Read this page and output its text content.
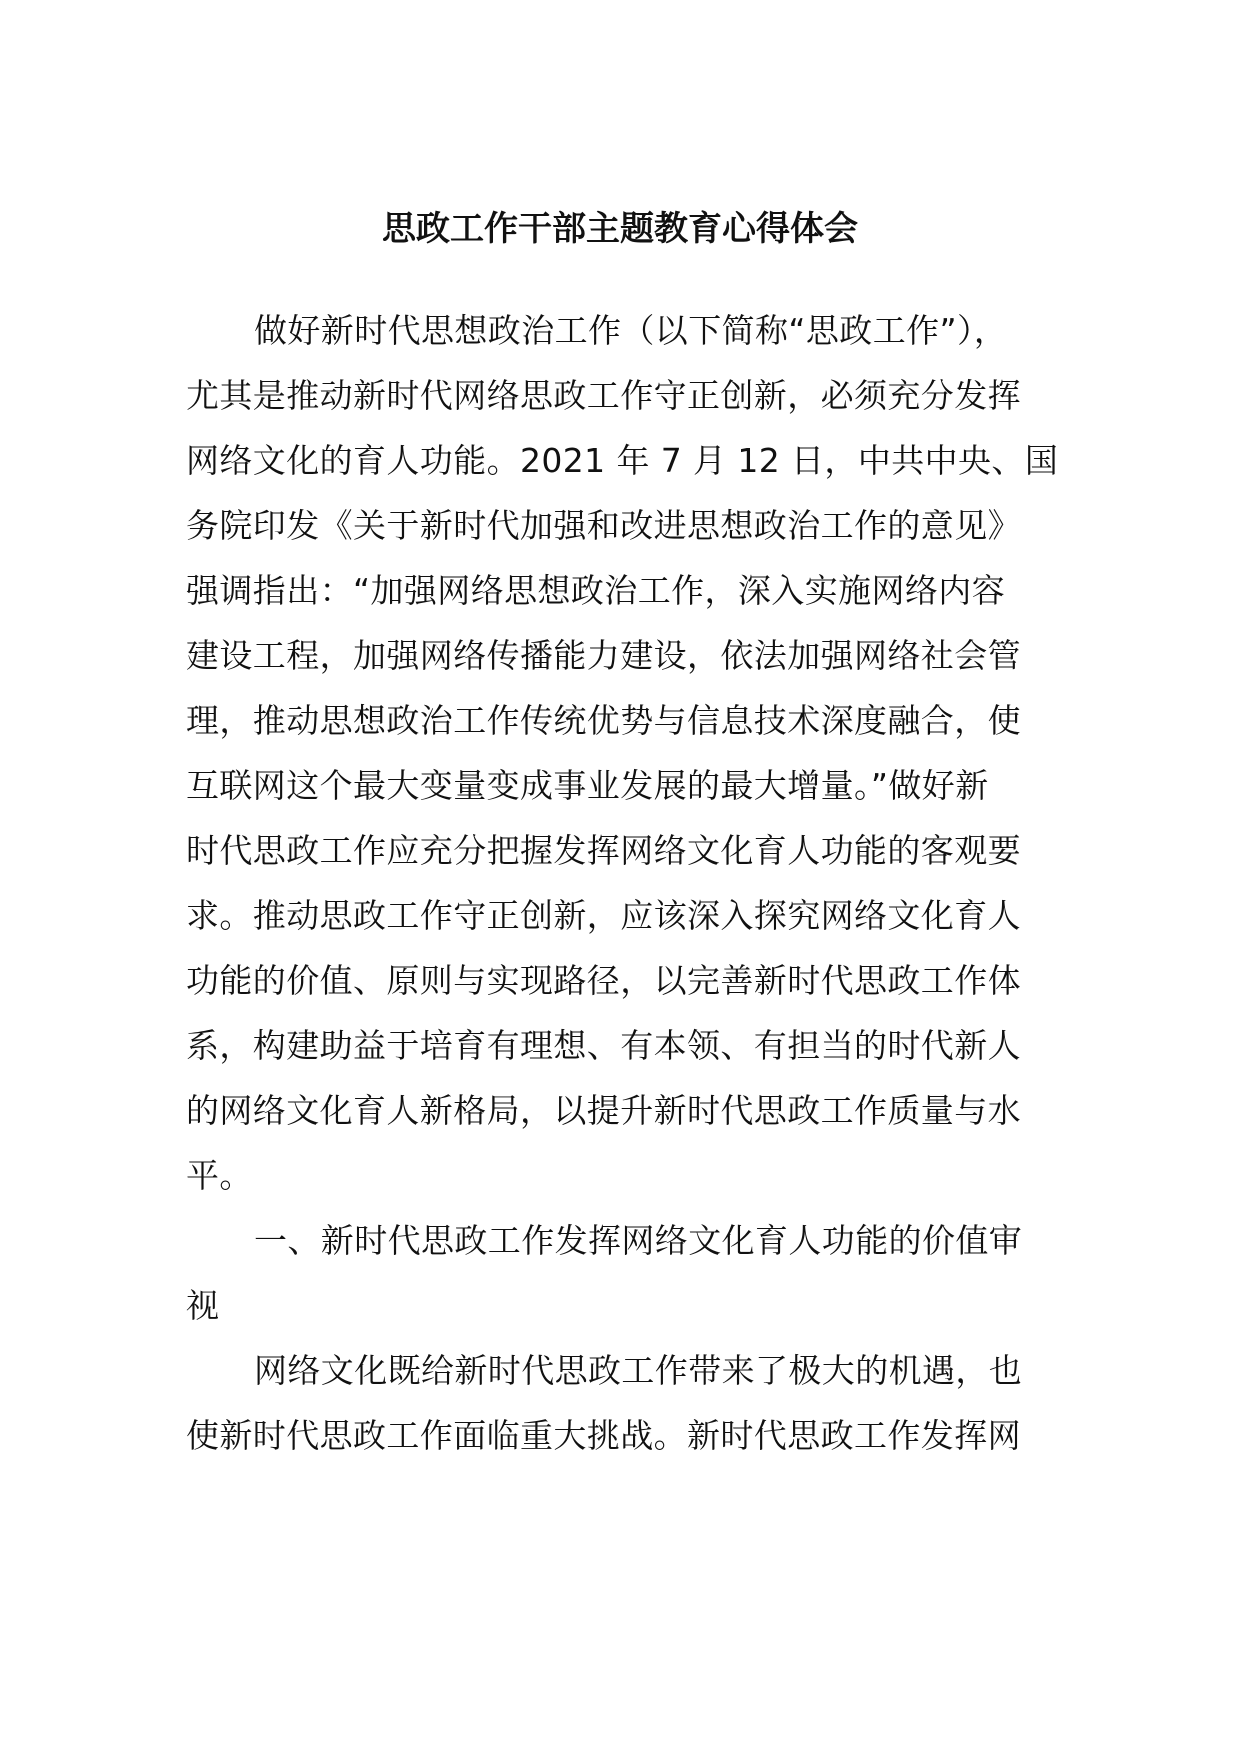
思政工作干部主题教育心得体会
做好新时代思想政治工作（以下简称“思政工作”），
尤其是推动新时代网络思政工作守正创新，必须充分发挥
网络文化的育人功能。2021 年 7 月 12 日，中共中央、国
务院印发《关于新时代加强和改进思想政治工作的意见》
强调指出：“加强网络思想政治工作，深入实施网络内容
建设工程，加强网络传播能力建设，依法加强网络社会管
理，推动思想政治工作传统优势与信息技术深度融合，使
互联网这个最大变量变成事业发展的最大增量。”做好新
时代思政工作应充分把握发挥网络文化育人功能的客观要
求。推动思政工作守正创新，应该深入探究网络文化育人
功能的价值、原则与实现路径，以完善新时代思政工作体
系，构建助益于培育有理想、有本领、有担当的时代新人
的网络文化育人新格局，以提升新时代思政工作质量与水
平。
一、新时代思政工作发挥网络文化育人功能的价值审
视
网络文化既给新时代思政工作带来了极大的机遇，也
使新时代思政工作面临重大挑战。新时代思政工作发挥网
